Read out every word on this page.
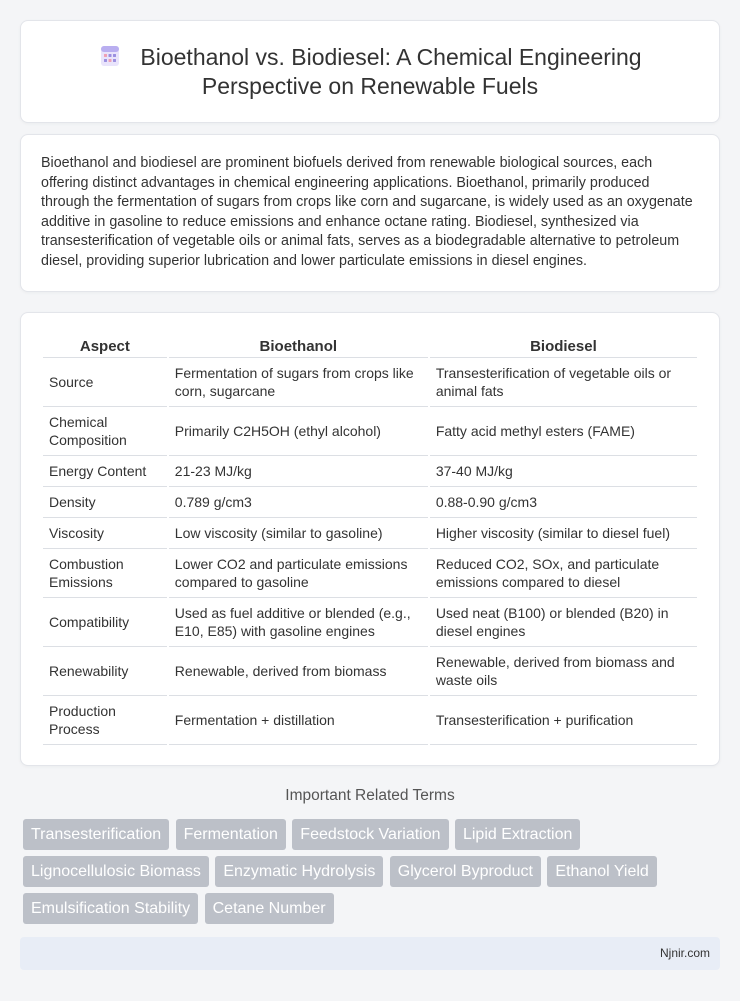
Bioethanol vs. Biodiesel: A Chemical Engineering
Perspective on Renewable Fuels

Bioethanol and biodiesel are prominent biofuels derived from renewable biological sources, each offering distinct advantages in chemical engineering applications. Bioethanol, primarily produced through the fermentation of sugars from crops like corn and sugarcane, is widely used as an oxygenate additive in gasoline to reduce emissions and enhance octane rating. Biodiesel, synthesized via transesterification of vegetable oils or animal fats, serves as a biodegradable alternative to petroleum diesel, providing superior lubrication and lower particulate emissions in diesel engines.

Aspect	Bioethanol	Biodiesel
Source	Fermentation of sugars from crops like corn, sugarcane	Transesterification of vegetable oils or animal fats
Chemical Composition	Primarily C2H5OH (ethyl alcohol)	Fatty acid methyl esters (FAME)
Energy Content	21-23 MJ/kg	37-40 MJ/kg
Density	0.789 g/cm3	0.88-0.90 g/cm3
Viscosity	Low viscosity (similar to gasoline)	Higher viscosity (similar to diesel fuel)
Combustion Emissions	Lower CO2 and particulate emissions compared to gasoline	Reduced CO2, SOx, and particulate emissions compared to diesel
Compatibility	Used as fuel additive or blended (e.g., E10, E85) with gasoline engines	Used neat (B100) or blended (B20) in diesel engines
Renewability	Renewable, derived from biomass	Renewable, derived from biomass and waste oils
Production Process	Fermentation + distillation	Transesterification + purification
Important Related Terms
Transesterification Fermentation Feedstock Variation Lipid Extraction
Lignocellulosic Biomass Enzymatic Hydrolysis Glycerol Byproduct Ethanol Yield
Emulsification Stability Cetane Number
Njnir.com
